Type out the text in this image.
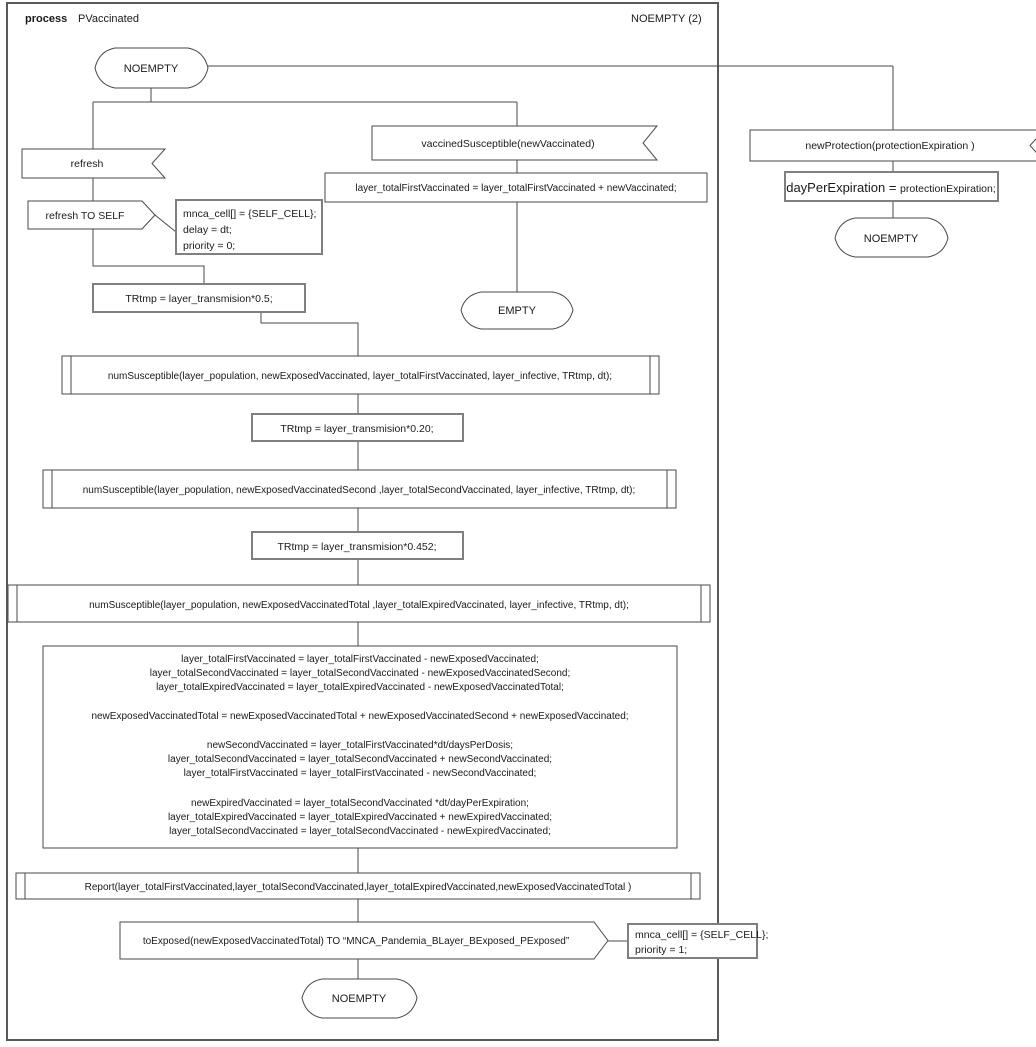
process PVaccinated	NOEMPTY (2)
NOEMPTY
refresh
refresh TO SELF	mnca_cell[] = {SELF_CELL};
delay = dt;
priority = 0;
TRtmp = layer_transmision*0.5;
vaccinedSusceptible(newVaccinated)
layer_totalFirstVaccinated = layer_totalFirstVaccinated + newVaccinated;
EMPTY
newProtection(protectionExpiration )
dayPerExpiration = protectionExpiration;
NOEMPTY
numSusceptible(layer_population, newExposedVaccinated, layer_totalFirstVaccinated, layer_infective, TRtmp, dt);
TRtmp = layer_transmision*0.20;
numSusceptible(layer_population, newExposedVaccinatedSecond ,layer_totalSecondVaccinated, layer_infective, TRtmp, dt);
TRtmp = layer_transmision*0.452;
numSusceptible(layer_population, newExposedVaccinatedTotal ,layer_totalExpiredVaccinated, layer_infective, TRtmp, dt);
layer_totalFirstVaccinated = layer_totalFirstVaccinated - newExposedVaccinated;
layer_totalSecondVaccinated = layer_totalSecondVaccinated - newExposedVaccinatedSecond;
layer_totalExpiredVaccinated = layer_totalExpiredVaccinated - newExposedVaccinatedTotal;
newExposedVaccinatedTotal = newExposedVaccinatedTotal + newExposedVaccinatedSecond + newExposedVaccinated;
newSecondVaccinated = layer_totalFirstVaccinated*dt/daysPerDosis;
layer_totalSecondVaccinated = layer_totalSecondVaccinated + newSecondVaccinated;
layer_totalFirstVaccinated = layer_totalFirstVaccinated - newSecondVaccinated;
newExpiredVaccinated = layer_totalSecondVaccinated *dt/dayPerExpiration;
layer_totalExpiredVaccinated = layer_totalExpiredVaccinated + newExpiredVaccinated;
layer_totalSecondVaccinated = layer_totalSecondVaccinated - newExpiredVaccinated;
Report(layer_totalFirstVaccinated,layer_totalSecondVaccinated,layer_totalExpiredVaccinated,newExposedVaccinatedTotal )
toExposed(newExposedVaccinatedTotal) TO “MNCA_Pandemia_BLayer_BExposed_PExposed”
mnca_cell[] = {SELF_CELL};
priority = 1;
NOEMPTY
